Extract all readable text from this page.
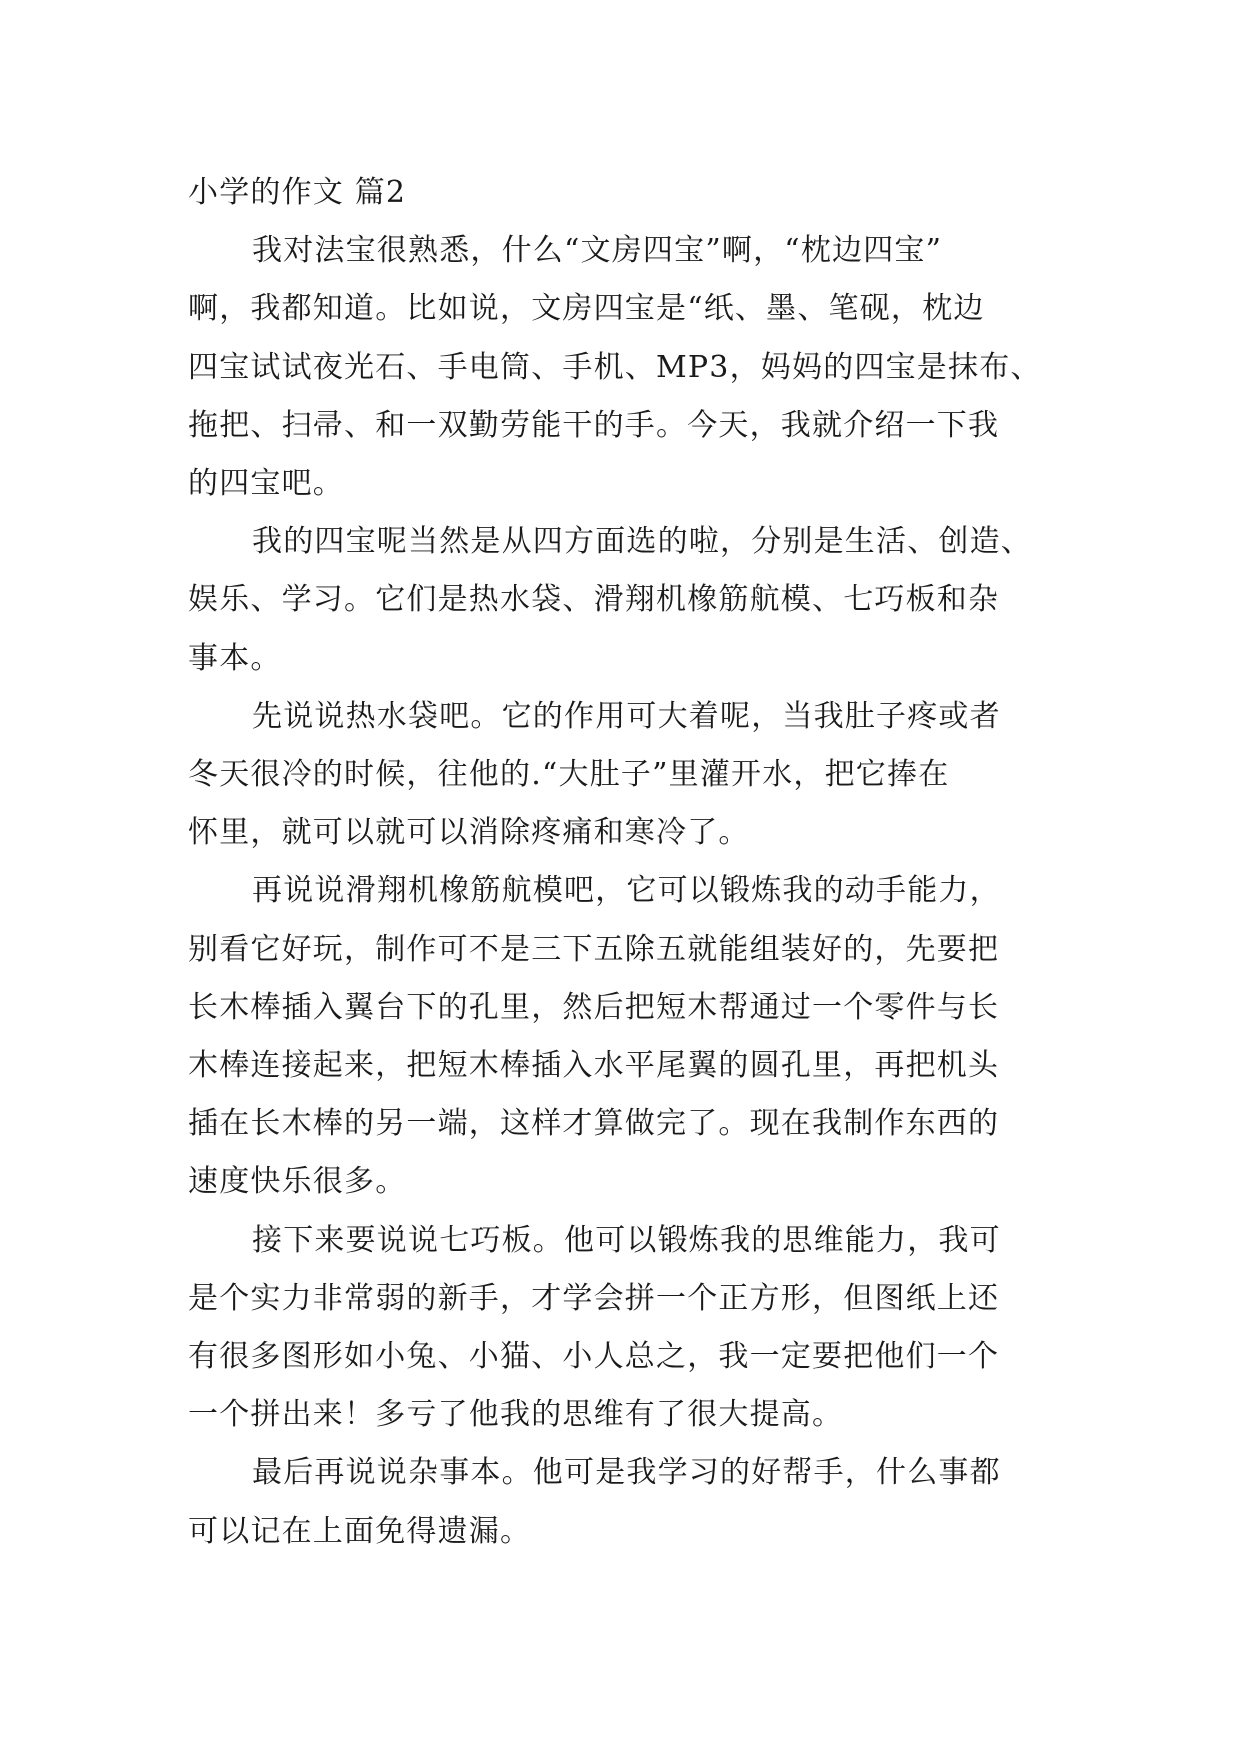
小学的作文 篇2

我对法宝很熟悉，什么“文房四宝”啊，“枕边四宝”
啊，我都知道。比如说，文房四宝是“纸、墨、笔砚，枕边
四宝试试夜光石、手电筒、手机、MP3，妈妈的四宝是抹布、
拖把、扫帚、和一双勤劳能干的手。今天，我就介绍一下我
的四宝吧。

我的四宝呢当然是从四方面选的啦，分别是生活、创造、
娱乐、学习。它们是热水袋、滑翔机橡筋航模、七巧板和杂
事本。

先说说热水袋吧。它的作用可大着呢，当我肚子疼或者
冬天很冷的时候，往他的.“大肚子”里灌开水，把它捧在
怀里，就可以就可以消除疼痛和寒冷了。

再说说滑翔机橡筋航模吧，它可以锻炼我的动手能力，
别看它好玩，制作可不是三下五除五就能组装好的，先要把
长木棒插入翼台下的孔里，然后把短木帮通过一个零件与长
木棒连接起来，把短木棒插入水平尾翼的圆孔里，再把机头
插在长木棒的另一端，这样才算做完了。现在我制作东西的
速度快乐很多。

接下来要说说七巧板。他可以锻炼我的思维能力，我可
是个实力非常弱的新手，才学会拼一个正方形，但图纸上还
有很多图形如小兔、小猫、小人总之，我一定要把他们一个
一个拼出来！多亏了他我的思维有了很大提高。

最后再说说杂事本。他可是我学习的好帮手，什么事都
可以记在上面免得遗漏。
